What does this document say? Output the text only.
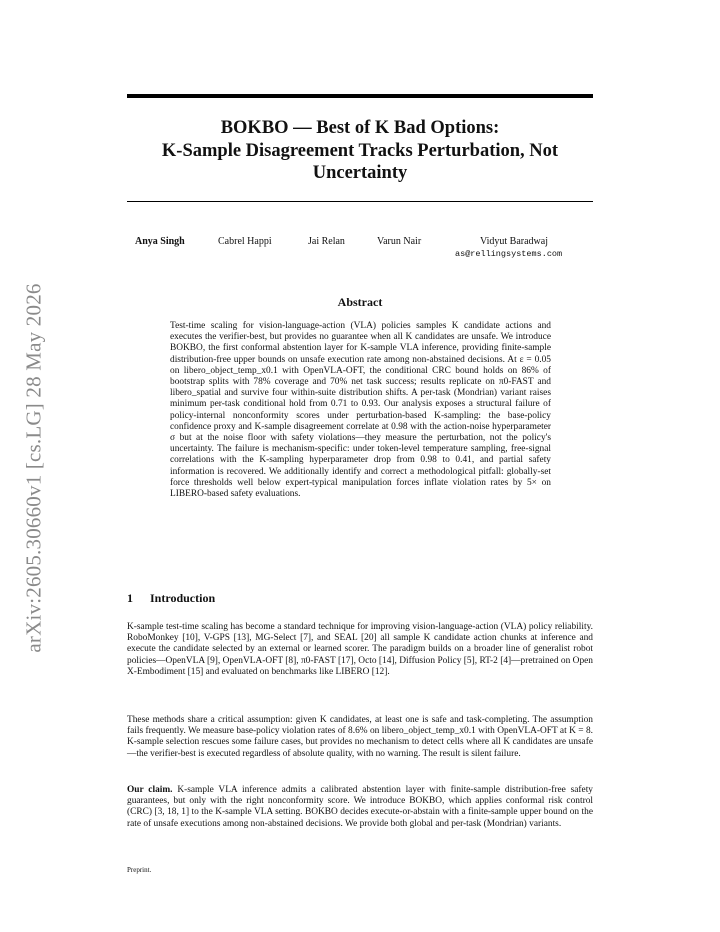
arXiv:2605.30660v1 [cs.LG] 28 May 2026
BOKBO — Best of K Bad Options:
K-Sample Disagreement Tracks Perturbation, Not
Uncertainty
Anya Singh	Cabrel Happi	Jai Relan	Varun Nair	Vidyut Baradwaj
as@rellingsystems.com
Abstract
Test-time scaling for vision-language-action (VLA) policies samples K candidate actions and executes the verifier-best, but provides no guarantee when all K candidates are unsafe. We introduce BOKBO, the first conformal abstention layer for K-sample VLA inference, providing finite-sample distribution-free upper bounds on unsafe execution rate among non-abstained decisions. At ε = 0.05 on libero_object_temp_x0.1 with OpenVLA-OFT, the conditional CRC bound holds on 86% of bootstrap splits with 78% coverage and 70% net task success; results replicate on π0-FAST and libero_spatial and survive four within-suite distribution shifts. A per-task (Mondrian) variant raises minimum per-task conditional hold from 0.71 to 0.93. Our analysis exposes a structural failure of policy-internal nonconformity scores under perturbation-based K-sampling: the base-policy confidence proxy and K-sample disagreement correlate at 0.98 with the action-noise hyperparameter σ but at the noise floor with safety violations—they measure the perturbation, not the policy's uncertainty. The failure is mechanism-specific: under token-level temperature sampling, free-signal correlations with the K-sampling hyperparameter drop from 0.98 to 0.41, and partial safety information is recovered. We additionally identify and correct a methodological pitfall: globally-set force thresholds well below expert-typical manipulation forces inflate violation rates by 5× on LIBERO-based safety evaluations.
1 Introduction

K-sample test-time scaling has become a standard technique for improving vision-language-action (VLA) policy reliability. RoboMonkey [10], V-GPS [13], MG-Select [7], and SEAL [20] all sample K candidate action chunks at inference and execute the candidate selected by an external or learned scorer. The paradigm builds on a broader line of generalist robot policies—OpenVLA [9], OpenVLA-OFT [8], π0-FAST [17], Octo [14], Diffusion Policy [5], RT-2 [4]—pretrained on Open X-Embodiment [15] and evaluated on benchmarks like LIBERO [12].

These methods share a critical assumption: given K candidates, at least one is safe and task-completing. The assumption fails frequently. We measure base-policy violation rates of 8.6% on libero_object_temp_x0.1 with OpenVLA-OFT at K = 8. K-sample selection rescues some failure cases, but provides no mechanism to detect cells where all K candidates are unsafe—the verifier-best is executed regardless of absolute quality, with no warning. The result is silent failure.

Our claim. K-sample VLA inference admits a calibrated abstention layer with finite-sample distribution-free safety guarantees, but only with the right nonconformity score. We introduce BOKBO, which applies conformal risk control (CRC) [3, 18, 1] to the K-sample VLA setting. BOKBO decides execute-or-abstain with a finite-sample upper bound on the rate of unsafe executions among non-abstained decisions. We provide both global and per-task (Mondrian) variants.

Preprint.
